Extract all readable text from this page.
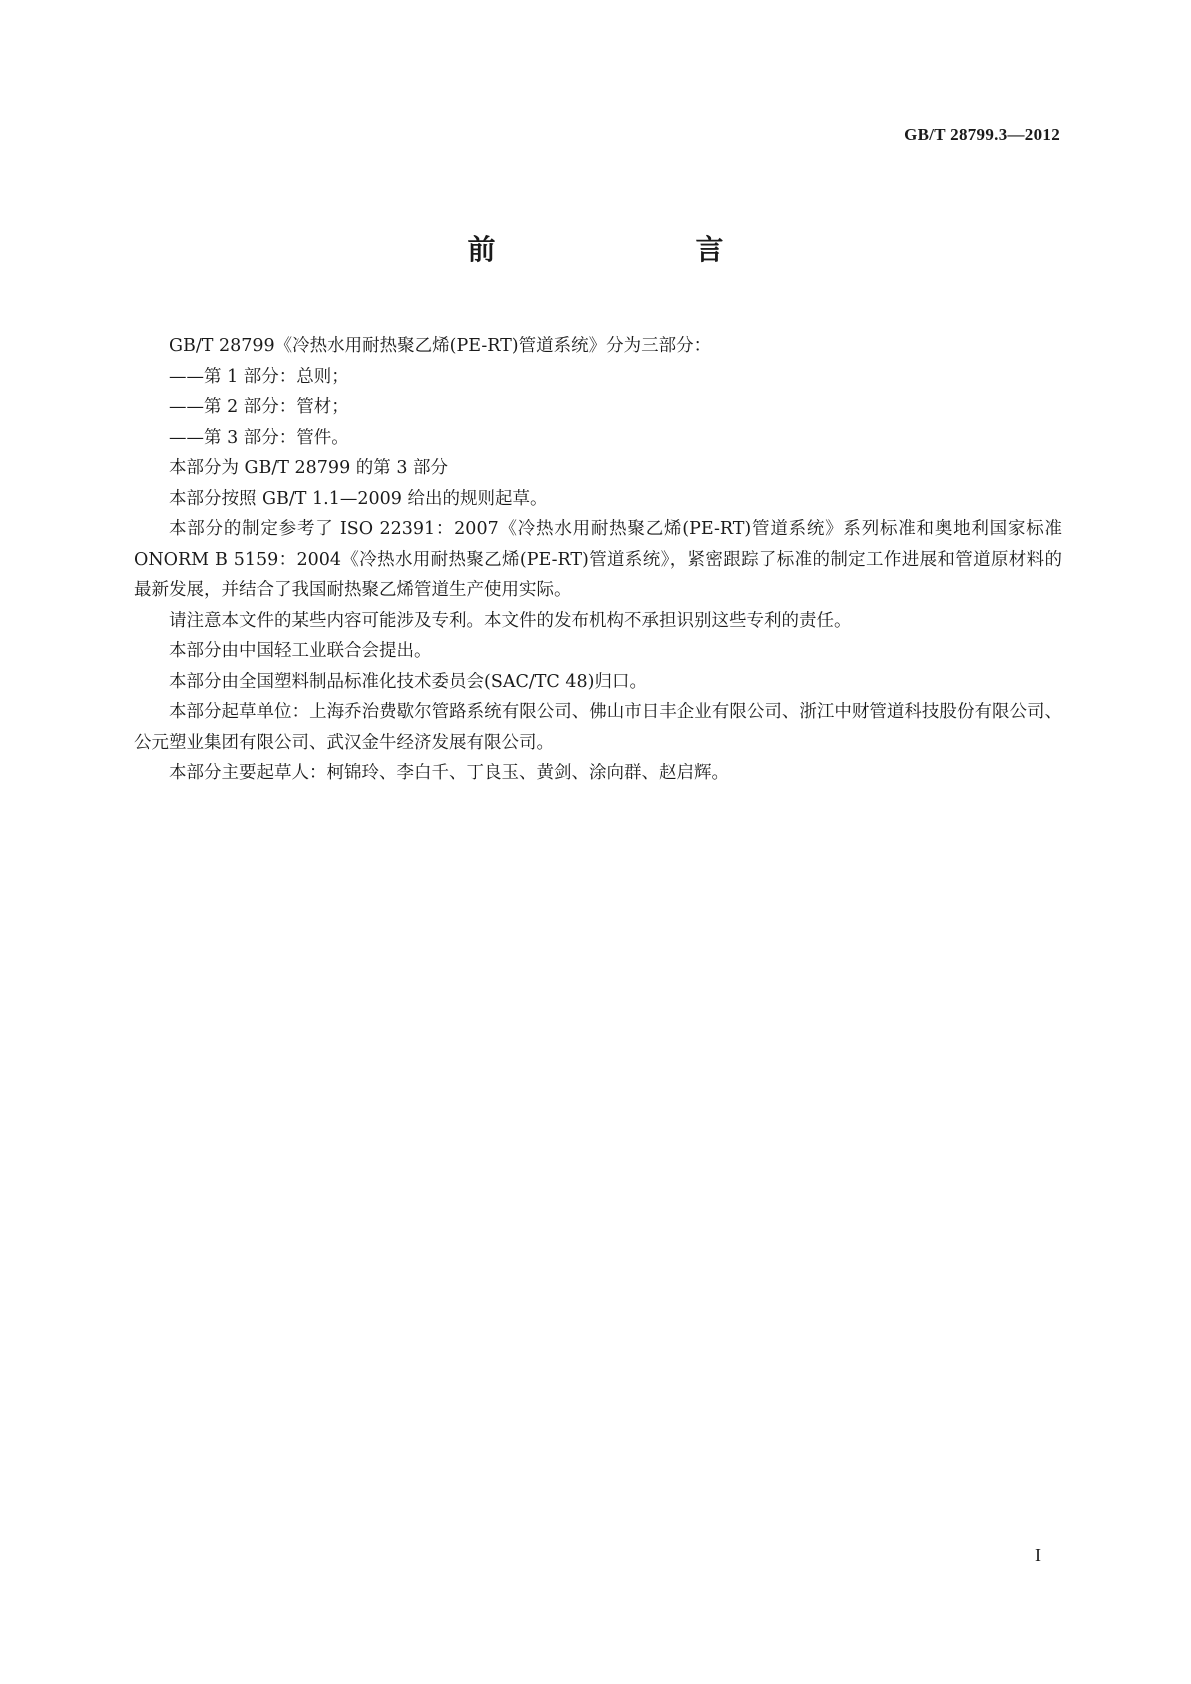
GB/T 28799.3—2012
前　　言

GB/T 28799《冷热水用耐热聚乙烯(PE-RT)管道系统》分为三部分：

——第 1 部分：总则；

——第 2 部分：管材；

——第 3 部分：管件。

本部分为 GB/T 28799 的第 3 部分

本部分按照 GB/T 1.1—2009 给出的规则起草。

本部分的制定参考了 ISO 22391：2007《冷热水用耐热聚乙烯(PE-RT)管道系统》系列标准和奥地利国家标准 ONORM B 5159：2004《冷热水用耐热聚乙烯(PE-RT)管道系统》，紧密跟踪了标准的制定工作进展和管道原材料的最新发展，并结合了我国耐热聚乙烯管道生产使用实际。

请注意本文件的某些内容可能涉及专利。本文件的发布机构不承担识别这些专利的责任。

本部分由中国轻工业联合会提出。

本部分由全国塑料制品标准化技术委员会(SAC/TC 48)归口。

本部分起草单位：上海乔治费歇尔管路系统有限公司、佛山市日丰企业有限公司、浙江中财管道科技股份有限公司、公元塑业集团有限公司、武汉金牛经济发展有限公司。

本部分主要起草人：柯锦玲、李白千、丁良玉、黄剑、涂向群、赵启辉。

I
